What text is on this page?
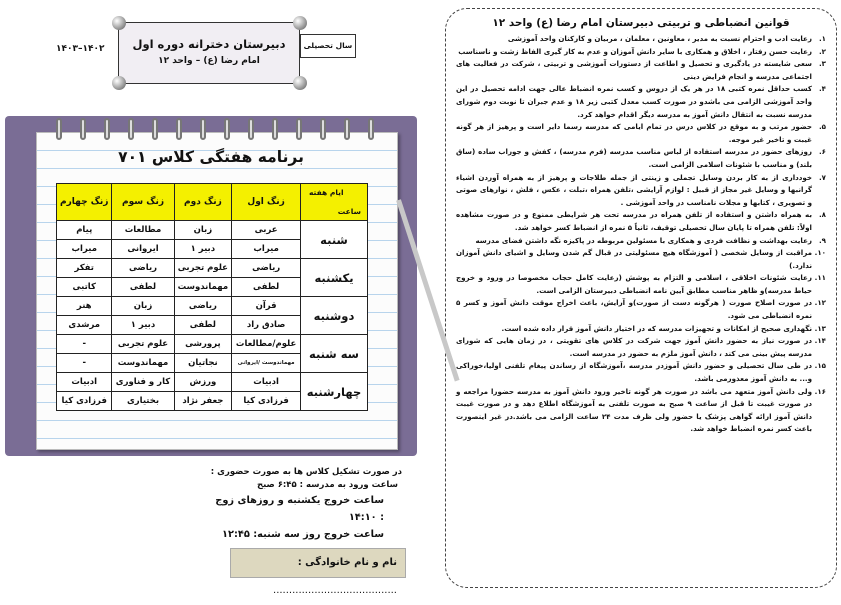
قوانین انضباطی و تربیتی دبیرستان امام رضا (ع) واحد ۱۲
۱.
رعایت ادب و احترام نسبت به مدیر ، معاونین ، معلمان ، مربیان و کارکنان واحد آموزشی
۲.
رعایت حسن رفتار ، اخلاق و همکاری با سایر دانش آموزان و عدم به کار گیری الفاظ زشت و ناسناسب
۳.
سعی شایسته در یادگیری و تحصیل و اطاعت از دستورات آموزشی و تربیتی ، شرکت در فعالیت های اجتماعی مدرسه و انجام فرایض دینی
۴.
کسب حداقل نمره کتبی ۱۸ در هر یک از دروس و کسب نمره انضباط عالی جهت ادامه تحصیل در این واحد آموزشی الزامی می باشدو در صورت کسب معدل کتبی زیر ۱۸ و عدم جبران تا نوبت دوم شورای مدرسه نسبت به انتقال دانش آموز به مدرسه دیگر اقدام خواهد کرد.
۵.
حضور مرتب و به موقع در کلاس درس در تمام ایامی که مدرسه رسما دایر است و پرهیز از هر گونه غیبت و تاخیر غیر موجه.
۶.
روزهای حضور در مدرسه استفاده از لباس مناسب مدرسه (فرم مدرسه) ، کفش و جوراب ساده (ساق بلند) و مناسب با شئونات اسلامی الزامی است.
۷.
خودداری از به کار بردن وسایل تجملی و زینتی از جمله طلاجات و پرهیز از به همراه آوردن اشیاء گرانبها و وسایل غیر مجاز از قبیل : لوازم آرایشی ،تلفن همراه ،تبلت ، عکس ، فلش ، نوارهای صوتی و تصویری ، کتابها و مجلات نامناسب در واحد آموزشی .
۸.
به همراه داشتن و استفاده از تلفن همراه در مدرسه تحت هر شرایطی ممنوع و در صورت مشاهده اولاً: تلفن همراه تا پایان سال تحصیلی توقیف، ثانیاً ۵ نمره از انضباط کسر خواهد شد.
۹.
رعایت بهداشت و نظافت فردی و همکاری با مسئولین مربوطه در پاکیزه نگه داشتن فضای مدرسه
۱۰.
مراقبت از وسایل شخصی ( آموزشگاه هیچ مسئولیتی در قبال گم شدن وسایل و اشیای دانش آموزان ندارد.)
۱۱.
رعایت شئونات اخلاقی ، اسلامی و التزام به پوشش (رعایت کامل حجاب مخصوصا در ورود و خروج حیاط مدرسه)و ظاهر مناسب مطابق آیین نامه انضباطی دبیرستان الزامی است.
۱۲.
در صورت اصلاح صورت ( هرگونه دست از صورت)و آرایش، باعث اخراج موقت دانش آموز و کسر ۵ نمره انضباطی می شود.
۱۳.
نگهداری صحیح از امکانات و تجهیزات مدرسه که در اختیار دانش آموز قرار داده شده است.
۱۴.
در صورت نیاز به حضور دانش آموز جهت شرکت در کلاس های تقویتی ، در زمان هایی که شورای مدرسه پیش بینی می کند ، دانش آموز ملزم به حضور در مدرسه است.
۱۵.
در طی سال تحصیلی و حضور دانش آموزدر مدرسه ،آموزشگاه از رساندن پیغام تلفنی اولیا،خوراکی و... به دانش آموز معذورمی باشد.
۱۶.
ولی دانش آموز متعهد می باشد در صورت هر گونه تاخیر ورود دانش آموز به مدرسه حضورا مراجعه و در صورت غیبت تا قبل از ساعت ۹ صبح به صورت تلفنی به آموزشگاه اطلاع دهد و در صورت غیبت دانش آموز ارائه گواهی پزشک یا حضور ولی ظرف مدت ۲۴ ساعت الزامی می باشد.در غیر اینصورت باعث کسر نمره انضباط خواهد شد.
۱۴۰۳–۱۴۰۲	دبیرستان دخترانه دوره اول
امام رضا (ع) – واحد ۱۲
سال تحصیلی
برنامه هفتگی کلاس ۷۰۱
ساعت
ایام هفته	زنگ اول	زنگ دوم	زنگ سوم	زنگ چهارم
شنبه	عربی	زبان	مطالعات	پیام
	میراب	دبیر ۱	ایروانی	میراب
یکشنبه	ریاضی	علوم تجربی	ریاضی	تفکر
	لطفی	مهماندوست	لطفی	کاتبی
دوشنبه	قرآن	ریاضی	زبان	هنر
	صادق راد	لطفی	دبیر ۱	مرشدی
سه شنبه	علوم/مطالعات	پرورشی	علوم تجربی	-
	مهماندوست /ایروانی	نجاتیان	مهماندوست	-
چهارشنبه	ادبیات	ورزش	کار و فناوری	ادبیات
	فرزادی کیا	جعفر نژاد	بختیاری	فرزادی کیا
در صورت تشکیل کلاس ها به صورت حضوری :
ساعت ورود به مدرسه : ۶:۴۵ صبح
ساعت خروج یکشنبه و روزهای زوج : ۱۴:۱۰
ساعت خروج روز سه شنبه: ۱۲:۴۵
نام و نام خانوادگی : .......................................
